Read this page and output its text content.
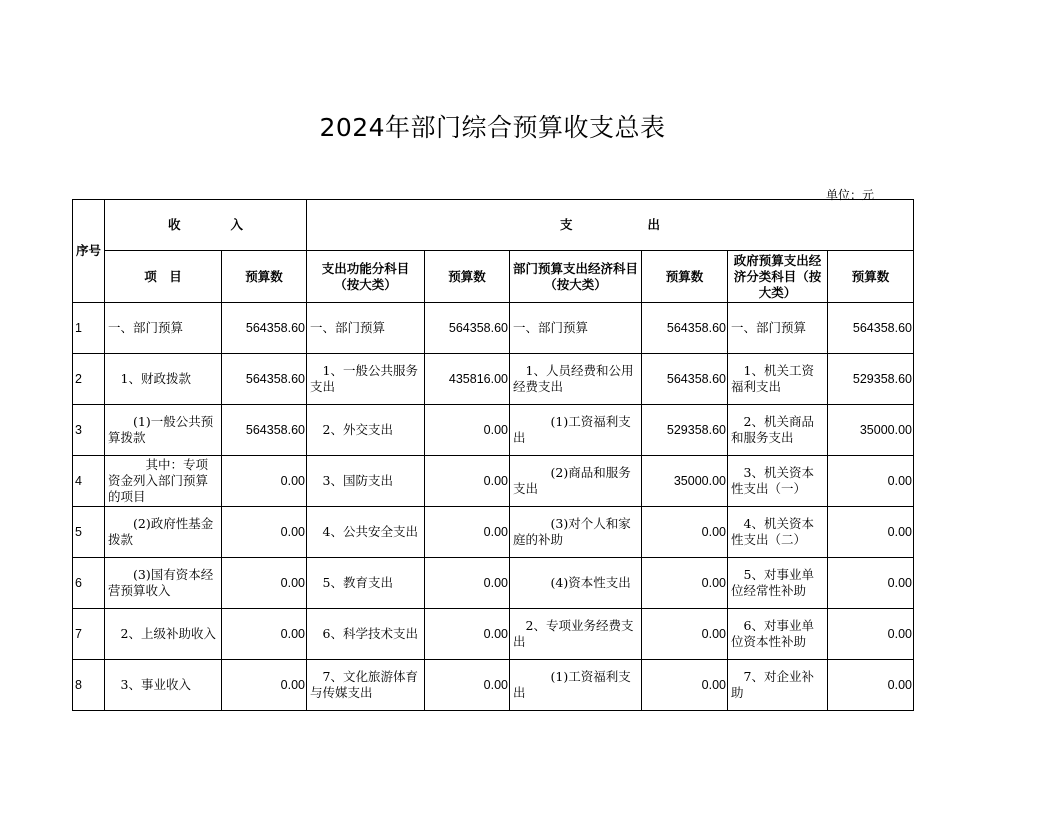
2024年部门综合预算收支总表
单位：元
序号	收　　　　入		支　　　　　　出					
	项　目	预算数	支出功能分科目（按大类）	预算数	部门预算支出经济科目（按大类）	预算数	政府预算支出经济分类科目（按大类）	预算数
1	一、部门预算	564358.60	一、部门预算	564358.60	一、部门预算	564358.60	一、部门预算	564358.60
2	　1、财政拨款	564358.60	　1、一般公共服务支出	435816.00	　1、人员经费和公用经费支出	564358.60	　1、机关工资福利支出	529358.60
3	　　(1)一般公共预算拨款	564358.60	　2、外交支出	0.00	　　　(1)工资福利支出	529358.60	　2、机关商品和服务支出	35000.00
4	　　　其中：专项资金列入部门预算的项目	0.00	　3、国防支出	0.00	　　　(2)商品和服务支出	35000.00	　3、机关资本性支出（一）	0.00
5	　　(2)政府性基金拨款	0.00	　4、公共安全支出	0.00	　　　(3)对个人和家庭的补助	0.00	　4、机关资本性支出（二）	0.00
6	　　(3)国有资本经营预算收入	0.00	　5、教育支出	0.00	　　　(4)资本性支出	0.00	　5、对事业单位经常性补助	0.00
7	　2、上级补助收入	0.00	　6、科学技术支出	0.00	　2、专项业务经费支出	0.00	　6、对事业单位资本性补助	0.00
8	　3、事业收入	0.00	　7、文化旅游体育与传媒支出	0.00	　　　(1)工资福利支出	0.00	　7、对企业补助	0.00
